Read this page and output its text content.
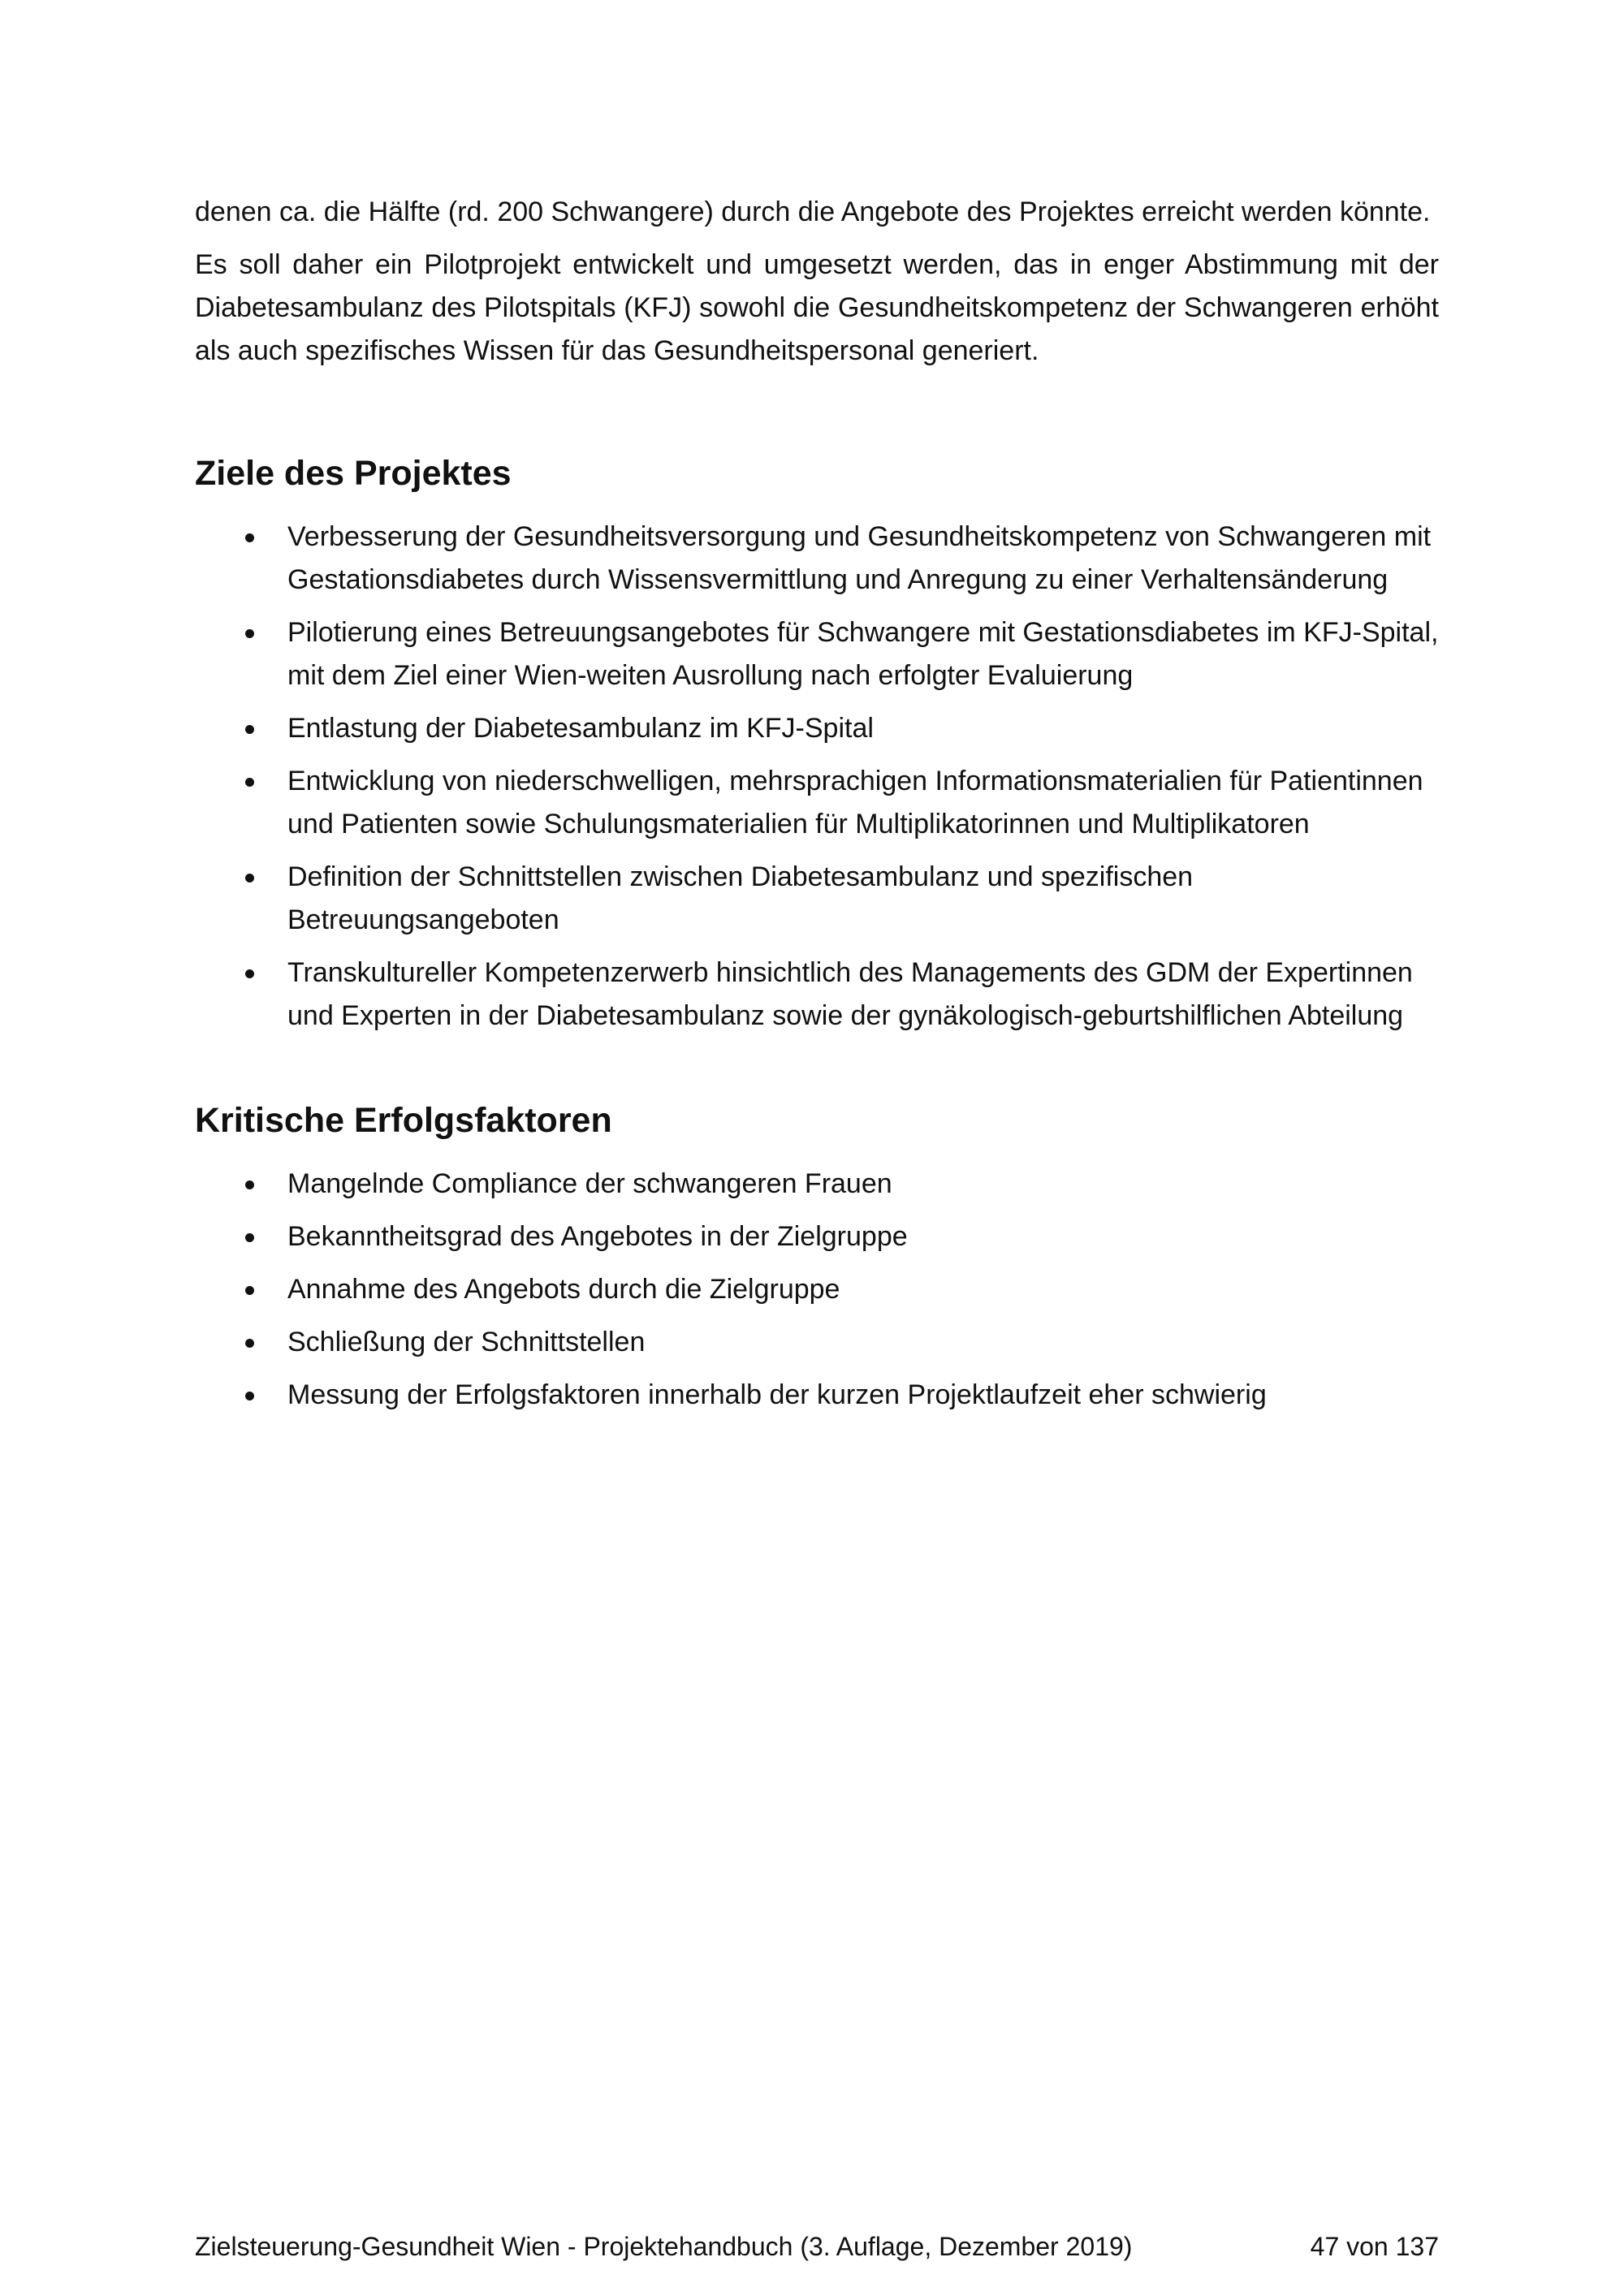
denen ca. die Hälfte (rd. 200 Schwangere) durch die Angebote des Projektes erreicht werden könnte.

Es soll daher ein Pilotprojekt entwickelt und umgesetzt werden, das in enger Abstimmung mit der Diabetesambulanz des Pilotspitals (KFJ) sowohl die Gesundheitskompetenz der Schwangeren erhöht als auch spezifisches Wissen für das Gesundheitspersonal generiert.

Ziele des Projektes
Verbesserung der Gesundheitsversorgung und Gesundheitskompetenz von Schwangeren mit Gestationsdiabetes durch Wissensvermittlung und Anregung zu einer Verhaltensänderung
Pilotierung eines Betreuungsangebotes für Schwangere mit Gestationsdiabetes im KFJ-Spital, mit dem Ziel einer Wien-weiten Ausrollung nach erfolgter Evaluierung
Entlastung der Diabetesambulanz im KFJ-Spital
Entwicklung von niederschwelligen, mehrsprachigen Informationsmaterialien für Patientinnen und Patienten sowie Schulungsmaterialien für Multiplikatorinnen und Multiplikatoren
Definition der Schnittstellen zwischen Diabetesambulanz und spezifischen Betreuungsangeboten
Transkultureller Kompetenzerwerb hinsichtlich des Managements des GDM der Expertinnen und Experten in der Diabetesambulanz sowie der gynäkologisch-geburtshilflichen Abteilung
Kritische Erfolgsfaktoren
Mangelnde Compliance der schwangeren Frauen
Bekanntheitsgrad des Angebotes in der Zielgruppe
Annahme des Angebots durch die Zielgruppe
Schließung der Schnittstellen
Messung der Erfolgsfaktoren innerhalb der kurzen Projektlaufzeit eher schwierig
Zielsteuerung-Gesundheit Wien - Projektehandbuch (3. Auflage, Dezember 2019)	47 von 137
